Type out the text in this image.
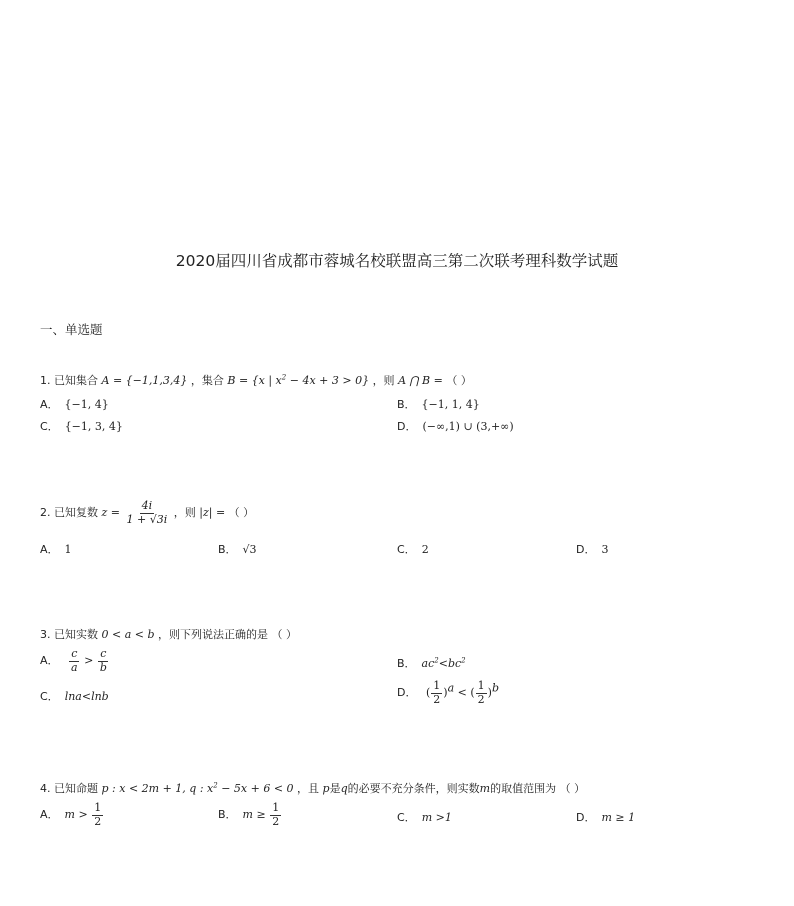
2020届四川省成都市蓉城名校联盟高三第二次联考理科数学试题
一、单选题
1. 已知集合 A = {−1,1,3,4} ，集合 B = {x | $x^2 - 4x + 3 > 0$} ，则 A ⋂ B = （ ）
A． {−1, 4}	B． {−1, 1, 4}
C． {−1, 3, 4}	D． (−∞,1) ∪ (3,+∞)
2. 已知复数 $z = \frac{4i}{1 + √3i}$ ，则 |z| = （ ）
A． 1	B． √3	C． 2	D． 3
3. 已知实数 0 < a < b ，则下列说法正确的是 （ ）
A． $\frac{c}{a} > \frac{c}{b}$	B． $ac^2<bc^2$
C． lna<lnb	D． ( $\frac{1}{2} )^a$ < ( $\frac{1}{2} )^b$
4. 已知命题 p : x < 2m + 1, q : $x^2 - 5x + 6 < 0$ ，且 p是q的必要不充分条件，则实数m的取值范围为 （ ）
A． $m > \frac{1}{2}$	B． $m \ge \frac{1}{2}$	C． m >1	D． m ≥ 1
